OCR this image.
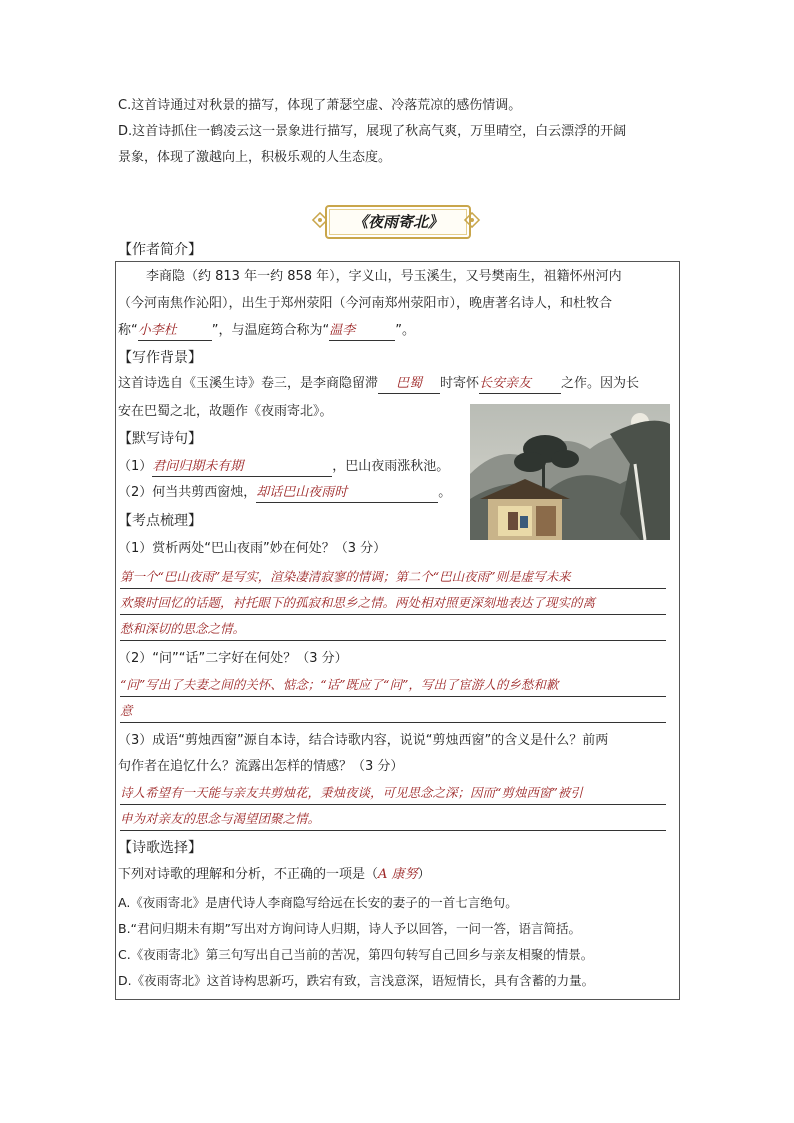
C.这首诗通过对秋景的描写，体现了萧瑟空虚、冷落荒凉的感伤情调。
D.这首诗抓住一鹤凌云这一景象进行描写，展现了秋高气爽，万里晴空，白云漂浮的开阔
景象，体现了激越向上，积极乐观的人生态度。
《夜雨寄北》
【作者简介】
李商隐（约 813 年一约 858 年），字义山，号玉溪生，又号樊南生，祖籍怀州河内
（今河南焦作沁阳），出生于郑州荥阳（今河南郑州荥阳市），晚唐著名诗人，和杜牧合
称“小李杜	”，与温庭筠合称为“温李	”。
【写作背景】
这首诗选自《玉溪生诗》卷三，是李商隐留滞 巴蜀 时寄怀长安亲友 之作。因为长
安在巴蜀之北，故题作《夜雨寄北》。
【默写诗句】
（1）君问归期未有期	，巴山夜雨涨秋池。
（2）何当共剪西窗烛，却话巴山夜雨时	。
【考点梳理】
（1）赏析两处“巴山夜雨”妙在何处？（3 分）
第一个“巴山夜雨”是写实，渲染凄清寂寥的情调；第二个“巴山夜雨”则是虚写未来
欢聚时回忆的话题，衬托眼下的孤寂和思乡之情。两处相对照更深刻地表达了现实的离
愁和深切的思念之情。
（2）“问”“话”二字好在何处？（3 分）
“问”写出了夫妻之间的关怀、惦念；“话”既应了“问”，写出了宦游人的乡愁和歉
意
（3）成语“剪烛西窗”源自本诗，结合诗歌内容，说说“剪烛西窗”的含义是什么？前两
句作者在追忆什么？流露出怎样的情感？（3 分）
诗人希望有一天能与亲友共剪烛花，秉烛夜谈，可见思念之深；因而“剪烛西窗”被引
申为对亲友的思念与渴望团聚之情。
【诗歌选择】
下列对诗歌的理解和分析，不正确的一项是（A 康努）
A.《夜雨寄北》是唐代诗人李商隐写给远在长安的妻子的一首七言绝句。
B.“君问归期未有期”写出对方询问诗人归期，诗人予以回答，一问一答，语言简括。
C.《夜雨寄北》第三句写出自己当前的苦况，第四句转写自己回乡与亲友相聚的情景。
D.《夜雨寄北》这首诗构思新巧，跌宕有致，言浅意深，语短情长，具有含蓄的力量。
